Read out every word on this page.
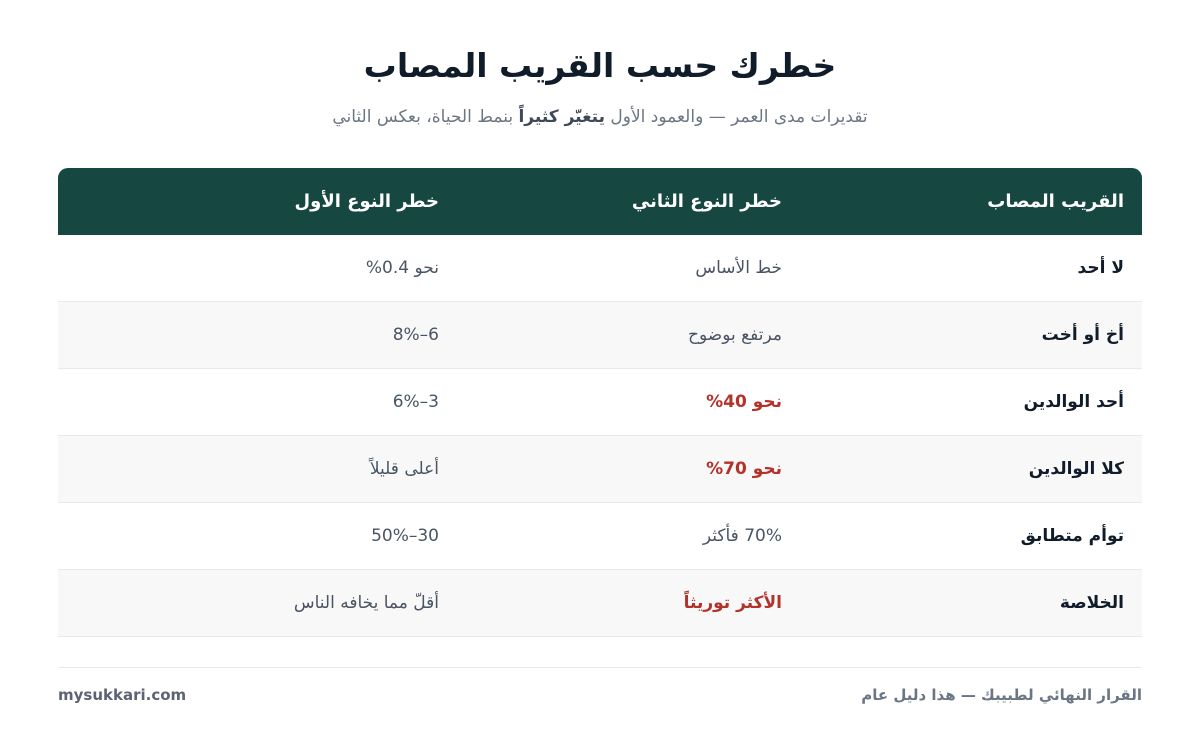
خطرك حسب القريب المصاب

تقديرات مدى العمر — والعمود الأول يتغيّر كثيراً بنمط الحياة، بعكس الثاني

القريب المصاب
خطر النوع الثاني
خطر النوع الأول
لا أحد
خط الأساس
نحو 0.4%
أخ أو أخت
مرتفع بوضوح
6–8%
أحد الوالدين
نحو 40%
3–6%
كلا الوالدين
نحو 70%
أعلى قليلاً
توأم متطابق
70% فأكثر
30–50%
الخلاصة
الأكثر توريثاً
أقلّ مما يخافه الناس
القرار النهائي لطبيبك — هذا دليل عام
mysukkari.com
